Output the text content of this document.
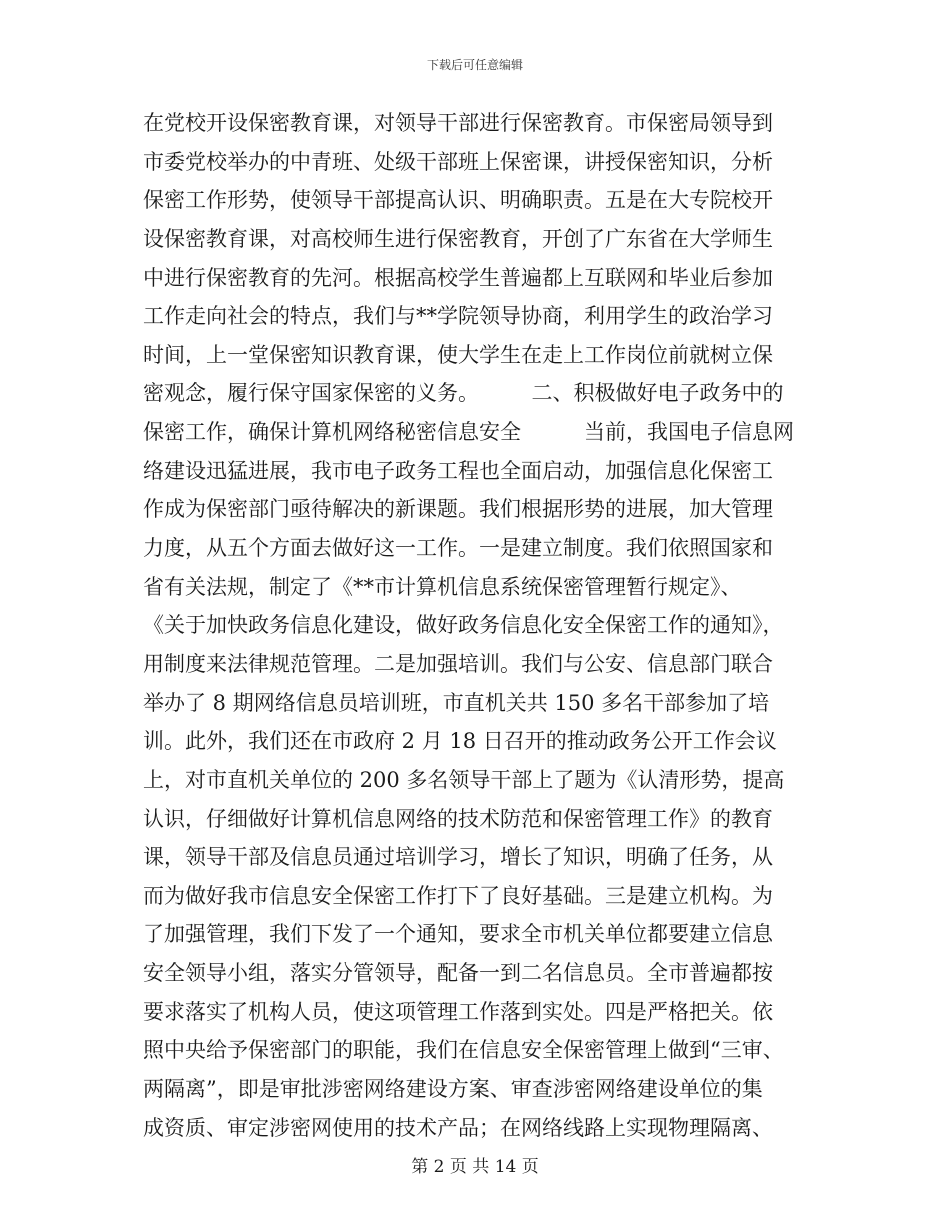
下载后可任意编辑
在党校开设保密教育课，对领导干部进行保密教育。市保密局领导到
市委党校举办的中青班、处级干部班上保密课，讲授保密知识，分析
保密工作形势，使领导干部提高认识、明确职责。五是在大专院校开
设保密教育课，对高校师生进行保密教育，开创了广东省在大学师生
中进行保密教育的先河。根据高校学生普遍都上互联网和毕业后参加
工作走向社会的特点，我们与**学院领导协商，利用学生的政治学习
时间，上一堂保密知识教育课，使大学生在走上工作岗位前就树立保
密观念，履行保守国家保密的义务。　　　二、积极做好电子政务中的
保密工作，确保计算机网络秘密信息安全　　　当前，我国电子信息网
络建设迅猛进展，我市电子政务工程也全面启动，加强信息化保密工
作成为保密部门亟待解决的新课题。我们根据形势的进展，加大管理
力度，从五个方面去做好这一工作。一是建立制度。我们依照国家和
省有关法规，制定了《**市计算机信息系统保密管理暂行规定》、
《关于加快政务信息化建设，做好政务信息化安全保密工作的通知》，
用制度来法律规范管理。二是加强培训。我们与公安、信息部门联合
举办了 8 期网络信息员培训班，市直机关共 150 多名干部参加了培
训。此外，我们还在市政府 2 月 18 日召开的推动政务公开工作会议
上，对市直机关单位的 200 多名领导干部上了题为《认清形势，提高
认识，仔细做好计算机信息网络的技术防范和保密管理工作》的教育
课，领导干部及信息员通过培训学习，增长了知识，明确了任务，从
而为做好我市信息安全保密工作打下了良好基础。三是建立机构。为
了加强管理，我们下发了一个通知，要求全市机关单位都要建立信息
安全领导小组，落实分管领导，配备一到二名信息员。全市普遍都按
要求落实了机构人员，使这项管理工作落到实处。四是严格把关。依
照中央给予保密部门的职能，我们在信息安全保密管理上做到“三审、
两隔离”，即是审批涉密网络建设方案、审查涉密网络建设单位的集
成资质、审定涉密网使用的技术产品；在网络线路上实现物理隔离、
第 2 页 共 14 页
